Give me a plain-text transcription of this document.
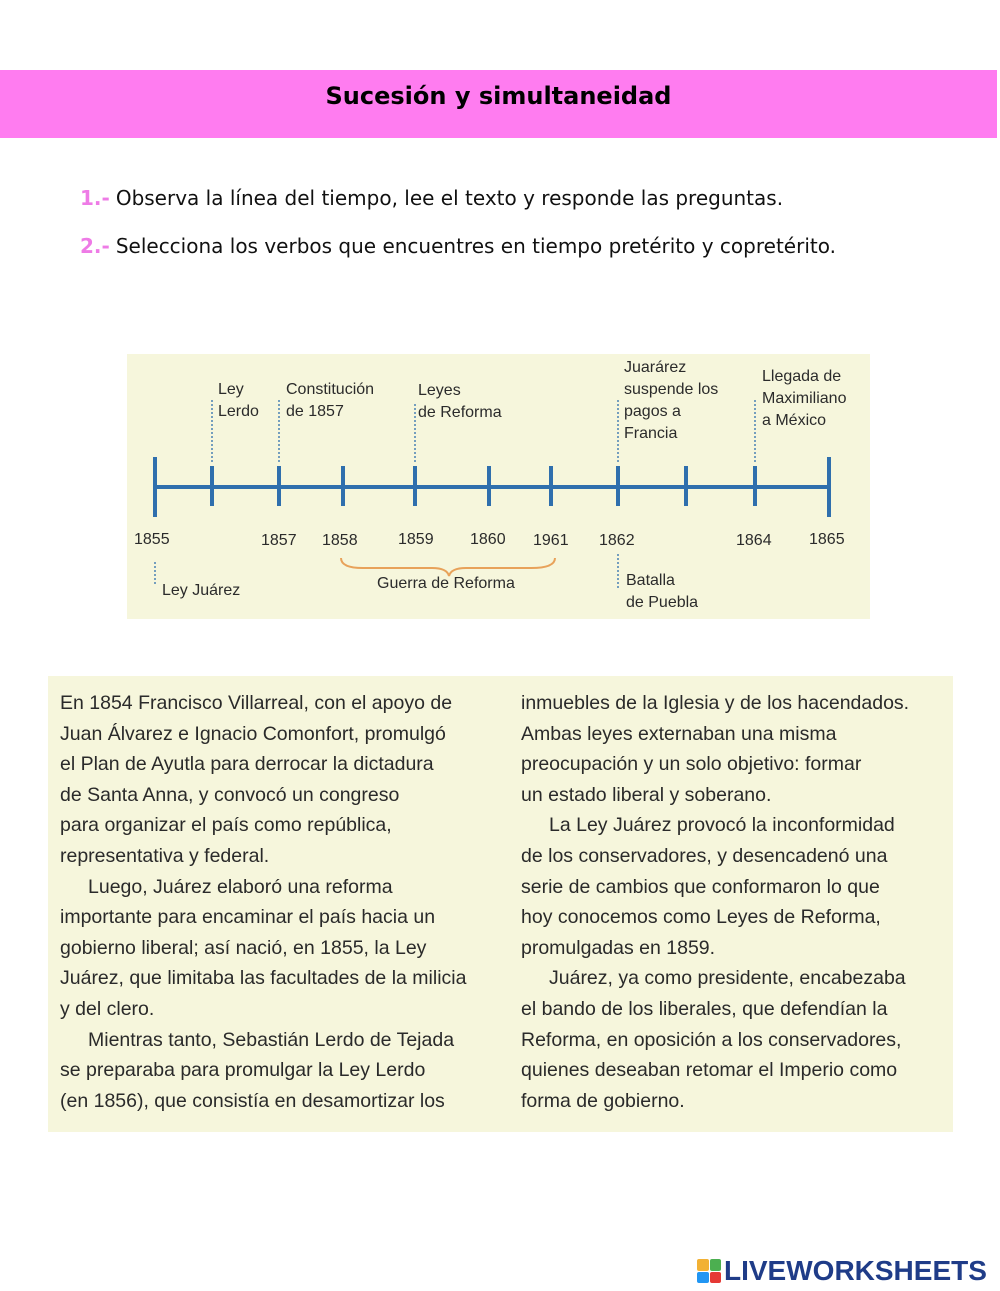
Sucesión y simultaneidad
1.- Observa la línea del tiempo, lee el texto y responde las preguntas.
2.- Selecciona los verbos que encuentres en tiempo pretérito y copretérito.
1855	1857 1858	1859 1860 1961 1862	1864 1865
Ley
Lerdo
Constitución
de 1857
Leyes
de Reforma
Juarárez
suspende los
pagos a
Francia
Llegada de
Maximiliano
a México
Ley Juárez	Guerra de Reforma	Batalla
de Puebla
En 1854 Francisco Villarreal, con el apoyo de
Juan Álvarez e Ignacio Comonfort, promulgó
el Plan de Ayutla para derrocar la dictadura
de Santa Anna, y convocó un congreso
para organizar el país como república,
representativa y federal.
Luego, Juárez elaboró una reforma
importante para encaminar el país hacia un
gobierno liberal; así nació, en 1855, la Ley
Juárez, que limitaba las facultades de la milicia
y del clero.
Mientras tanto, Sebastián Lerdo de Tejada
se preparaba para promulgar la Ley Lerdo
(en 1856), que consistía en desamortizar los
inmuebles de la Iglesia y de los hacendados.
Ambas leyes externaban una misma
preocupación y un solo objetivo: formar
un estado liberal y soberano.
La Ley Juárez provocó la inconformidad
de los conservadores, y desencadenó una
serie de cambios que conformaron lo que
hoy conocemos como Leyes de Reforma,
promulgadas en 1859.
Juárez, ya como presidente, encabezaba
el bando de los liberales, que defendían la
Reforma, en oposición a los conservadores,
quienes deseaban retomar el Imperio como
forma de gobierno.
LIVEWORKSHEETS
